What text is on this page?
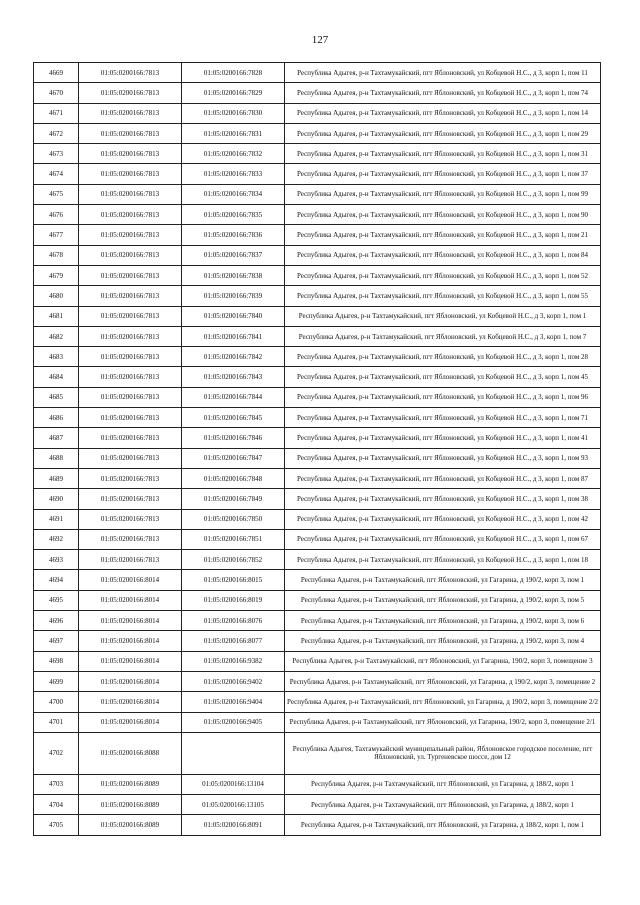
127
4669	01:05:0200166:7813	01:05:0200166:7828	Республика Адыгея, р-н Тахтамукайский, пгт Яблоновский, ул Кобцевой Н.С., д 3, корп 1, пом 11
4670	01:05:0200166:7813	01:05:0200166:7829	Республика Адыгея, р-н Тахтамукайский, пгт Яблоновский, ул Кобцевой Н.С., д 3, корп 1, пом 74
4671	01:05:0200166:7813	01:05:0200166:7830	Республика Адыгея, р-н Тахтамукайский, пгт Яблоновский, ул Кобцевой Н.С., д 3, корп 1, пом 14
4672	01:05:0200166:7813	01:05:0200166:7831	Республика Адыгея, р-н Тахтамукайский, пгт Яблоновский, ул Кобцевой Н.С., д 3, корп 1, пом 29
4673	01:05:0200166:7813	01:05:0200166:7832	Республика Адыгея, р-н Тахтамукайский, пгт Яблоновский, ул Кобцевой Н.С., д 3, корп 1, пом 31
4674	01:05:0200166:7813	01:05:0200166:7833	Республика Адыгея, р-н Тахтамукайский, пгт Яблоновский, ул Кобцевой Н.С., д 3, корп 1, пом 37
4675	01:05:0200166:7813	01:05:0200166:7834	Республика Адыгея, р-н Тахтамукайский, пгт Яблоновский, ул Кобцевой Н.С., д 3, корп 1, пом 99
4676	01:05:0200166:7813	01:05:0200166:7835	Республика Адыгея, р-н Тахтамукайский, пгт Яблоновский, ул Кобцевой Н.С., д 3, корп 1, пом 90
4677	01:05:0200166:7813	01:05:0200166:7836	Республика Адыгея, р-н Тахтамукайский, пгт Яблоновский, ул Кобцевой Н.С., д 3, корп 1, пом 21
4678	01:05:0200166:7813	01:05:0200166:7837	Республика Адыгея, р-н Тахтамукайский, пгт Яблоновский, ул Кобцевой Н.С., д 3, корп 1, пом 84
4679	01:05:0200166:7813	01:05:0200166:7838	Республика Адыгея, р-н Тахтамукайский, пгт Яблоновский, ул Кобцевой Н.С., д 3, корп 1, пом 52
4680	01:05:0200166:7813	01:05:0200166:7839	Республика Адыгея, р-н Тахтамукайский, пгт Яблоновский, ул Кобцевой Н.С., д 3, корп 1, пом 55
4681	01:05:0200166:7813	01:05:0200166:7840	Республика Адыгея, р-н Тахтамукайский, пгт Яблоновский, ул Кобцевой Н.С., д 3, корп 1, пом 1
4682	01:05:0200166:7813	01:05:0200166:7841	Республика Адыгея, р-н Тахтамукайский, пгт Яблоновский, ул Кобцевой Н.С., д 3, корп 1, пом 7
4683	01:05:0200166:7813	01:05:0200166:7842	Республика Адыгея, р-н Тахтамукайский, пгт Яблоновский, ул Кобцевой Н.С., д 3, корп 1, пом 28
4684	01:05:0200166:7813	01:05:0200166:7843	Республика Адыгея, р-н Тахтамукайский, пгт Яблоновский, ул Кобцевой Н.С., д 3, корп 1, пом 45
4685	01:05:0200166:7813	01:05:0200166:7844	Республика Адыгея, р-н Тахтамукайский, пгт Яблоновский, ул Кобцевой Н.С., д 3, корп 1, пом 96
4686	01:05:0200166:7813	01:05:0200166:7845	Республика Адыгея, р-н Тахтамукайский, пгт Яблоновский, ул Кобцевой Н.С., д 3, корп 1, пом 71
4687	01:05:0200166:7813	01:05:0200166:7846	Республика Адыгея, р-н Тахтамукайский, пгт Яблоновский, ул Кобцевой Н.С., д 3, корп 1, пом 41
4688	01:05:0200166:7813	01:05:0200166:7847	Республика Адыгея, р-н Тахтамукайский, пгт Яблоновский, ул Кобцевой Н.С., д 3, корп 1, пом 93
4689	01:05:0200166:7813	01:05:0200166:7848	Республика Адыгея, р-н Тахтамукайский, пгт Яблоновский, ул Кобцевой Н.С., д 3, корп 1, пом 87
4690	01:05:0200166:7813	01:05:0200166:7849	Республика Адыгея, р-н Тахтамукайский, пгт Яблоновский, ул Кобцевой Н.С., д 3, корп 1, пом 38
4691	01:05:0200166:7813	01:05:0200166:7850	Республика Адыгея, р-н Тахтамукайский, пгт Яблоновский, ул Кобцевой Н.С., д 3, корп 1, пом 42
4692	01:05:0200166:7813	01:05:0200166:7851	Республика Адыгея, р-н Тахтамукайский, пгт Яблоновский, ул Кобцевой Н.С., д 3, корп 1, пом 67
4693	01:05:0200166:7813	01:05:0200166:7852	Республика Адыгея, р-н Тахтамукайский, пгт Яблоновский, ул Кобцевой Н.С., д 3, корп 1, пом 18
4694	01:05:0200166:8014	01:05:0200166:8015	Республика Адыгея, р-н Тахтамукайский, пгт Яблоновский, ул Гагарина, д 190/2, корп 3, пом 1
4695	01:05:0200166:8014	01:05:0200166:8019	Республика Адыгея, р-н Тахтамукайский, пгт Яблоновский, ул Гагарина, д 190/2, корп 3, пом 5
4696	01:05:0200166:8014	01:05:0200166:8076	Республика Адыгея, р-н Тахтамукайский, пгт Яблоновский, ул Гагарина, д 190/2, корп 3, пом 6
4697	01:05:0200166:8014	01:05:0200166:8077	Республика Адыгея, р-н Тахтамукайский, пгт Яблоновский, ул Гагарина, д 190/2, корп 3, пом 4
4698	01:05:0200166:8014	01:05:0200166:9382	Республика Адыгея, р-н Тахтамукайский, пгт Яблоновский, ул Гагарина, 190/2, корп 3, помещение 3
4699	01:05:0200166:8014	01:05:0200166:9402	Республика Адыгея, р-н Тахтамукайский, пгт Яблоновский, ул Гагарина, д 190/2, корп 3, помещение 2
4700	01:05:0200166:8014	01:05:0200166:9404	Республика Адыгея, р-н Тахтамукайский, пгт Яблоновский, ул Гагарина, д 190/2, корп 3, помещение 2/2
4701	01:05:0200166:8014	01:05:0200166:9405	Республика Адыгея, р-н Тахтамукайский, пгт Яблоновский, ул Гагарина, 190/2, корп 3, помещение 2/1
4702	01:05:0200166:8088		Республика Адыгея, Тахтамукайский муниципальный район, Яблоновское городское поселение, пгт Яблоновский, ул. Тургеневское шоссе, дом 12
4703	01:05:0200166:8089	01:05:0200166:13104	Республика Адыгея, р-н Тахтамукайский, пгт Яблоновский, ул Гагарина, д 188/2, корп 1
4704	01:05:0200166:8089	01:05:0200166:13105	Республика Адыгея, р-н Тахтамукайский, пгт Яблоновский, ул Гагарина, д 188/2, корп 1
4705	01:05:0200166:8089	01:05:0200166:8091	Республика Адыгея, р-н Тахтамукайский, пгт Яблоновский, ул Гагарина, д 188/2, корп 1, пом 1
